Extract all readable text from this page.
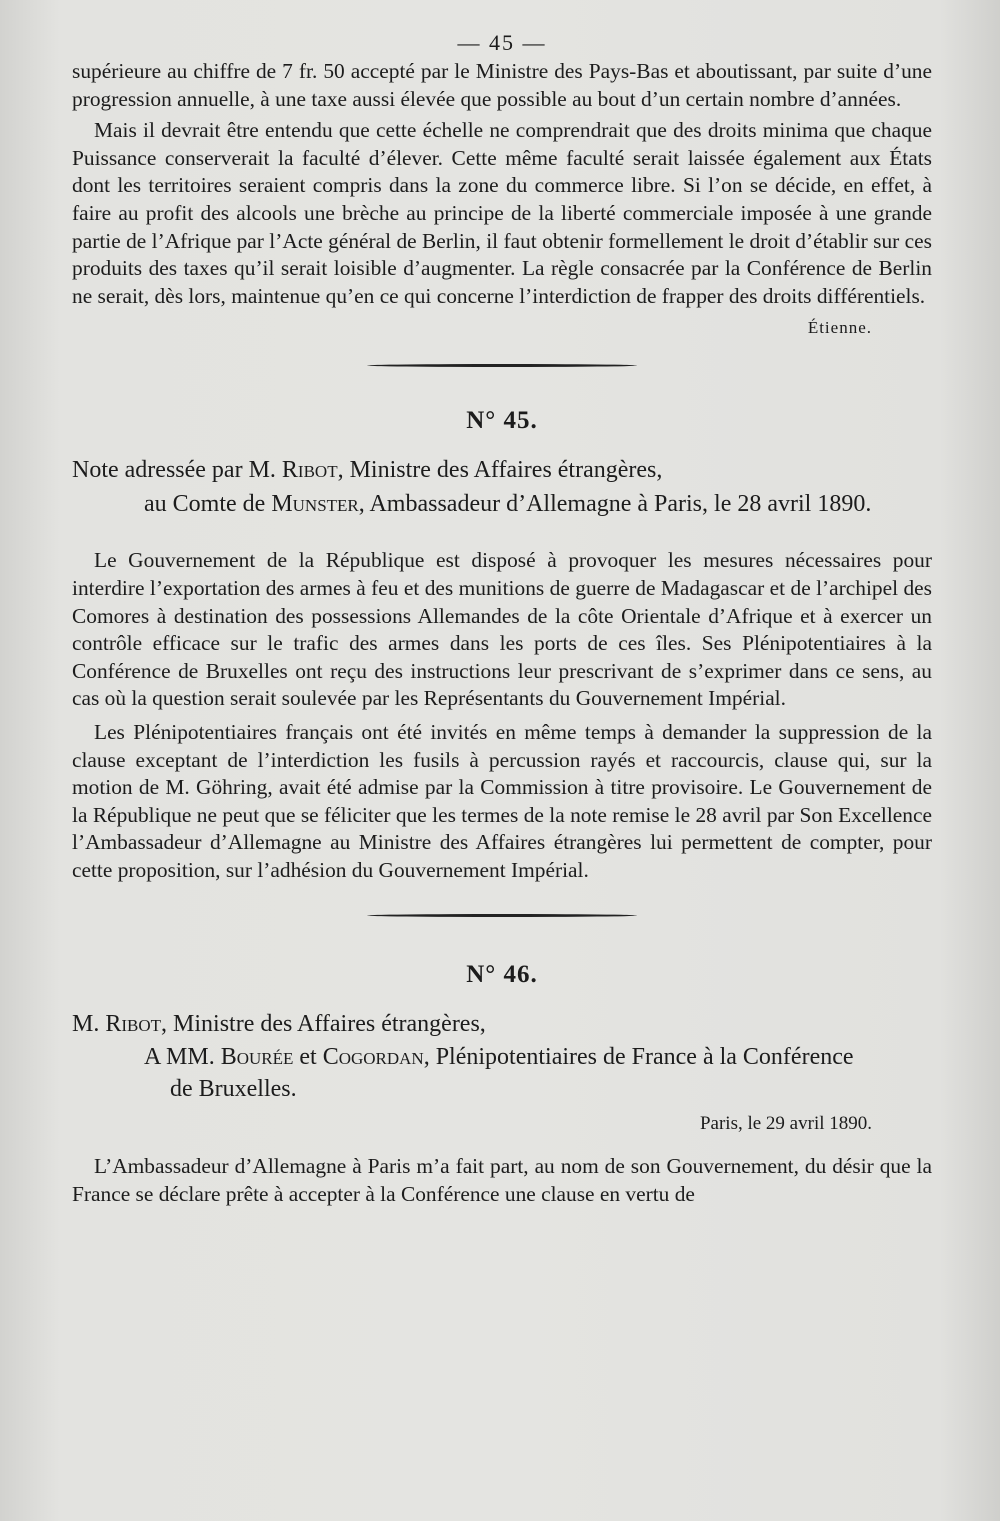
— 45 —

supérieure au chiffre de 7 fr. 50 accepté par le Ministre des Pays-Bas et aboutissant, par suite d’une progression annuelle, à une taxe aussi élevée que possible au bout d’un certain nombre d’années.

Mais il devrait être entendu que cette échelle ne comprendrait que des droits minima que chaque Puissance conserverait la faculté d’élever. Cette même faculté serait laissée également aux États dont les territoires seraient compris dans la zone du commerce libre. Si l’on se décide, en effet, à faire au profit des alcools une brèche au principe de la liberté commerciale imposée à une grande partie de l’Afrique par l’Acte général de Berlin, il faut obtenir formellement le droit d’établir sur ces produits des taxes qu’il serait loisible d’augmenter. La règle consacrée par la Conférence de Berlin ne serait, dès lors, maintenue qu’en ce qui concerne l’interdiction de frapper des droits différentiels.

Étienne.
N° 45.
Note adressée par M. Ribot, Ministre des Affaires étrangères,
au Comte de Munster, Ambassadeur d’Allemagne à Paris, le 28 avril 1890.

Le Gouvernement de la République est disposé à provoquer les mesures nécessaires pour interdire l’exportation des armes à feu et des munitions de guerre de Madagascar et de l’archipel des Comores à destination des possessions Allemandes de la côte Orientale d’Afrique et à exercer un contrôle efficace sur le trafic des armes dans les ports de ces îles. Ses Plénipotentiaires à la Conférence de Bruxelles ont reçu des instructions leur prescrivant de s’exprimer dans ce sens, au cas où la question serait soulevée par les Représentants du Gouvernement Impérial.

Les Plénipotentiaires français ont été invités en même temps à demander la suppression de la clause exceptant de l’interdiction les fusils à percussion rayés et raccourcis, clause qui, sur la motion de M. Göhring, avait été admise par la Commission à titre provisoire. Le Gouvernement de la République ne peut que se féliciter que les termes de la note remise le 28 avril par Son Excellence l’Ambassadeur d’Allemagne au Ministre des Affaires étrangères lui permettent de compter, pour cette proposition, sur l’adhésion du Gouvernement Impérial.

N° 46.
M. Ribot, Ministre des Affaires étrangères,
A MM. Bourée et Cogordan, Plénipotentiaires de France à la Conférence
de Bruxelles.
Paris, le 29 avril 1890.

L’Ambassadeur d’Allemagne à Paris m’a fait part, au nom de son Gouvernement, du désir que la France se déclare prête à accepter à la Conférence une clause en vertu de
